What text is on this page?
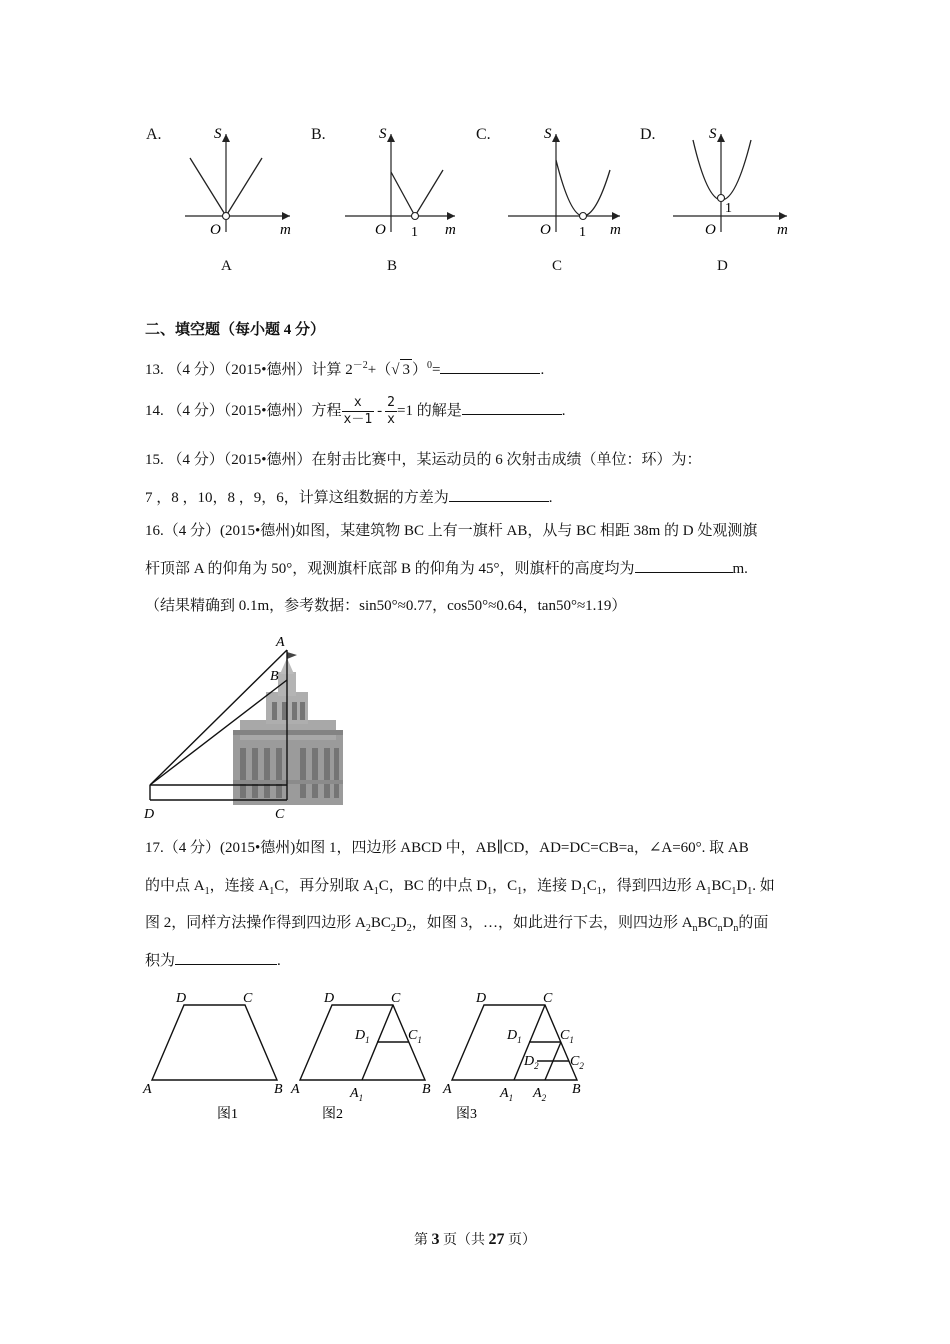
A.	S
O	m
A
B.	S
O 1 m
B
C.	S
O 1 m
C
D.	S
1
O	m
D
二、填空题（每小题 4 分）
13. （4 分）（2015•德州）计算 $2^{-2}+(√$ 3 ）$^0$=	.
14. （4 分）（2015•德州）方程 $\frac{x}{x-1} - \frac{2}{x} =1$ 的解是	.
15. （4 分）（2015•德州）在射击比赛中，某运动员的 6 次射击成绩（单位：环）为：
7 ，8 ，10，8 ，9，6，计算这组数据的方差为	.
16.（4 分）(2015•德州)如图，某建筑物 BC 上有一旗杆 AB，从与 BC 相距 38m 的 D 处观测旗
杆顶部 A 的仰角为 50°，观测旗杆底部 B 的仰角为 45°，则旗杆的高度均为	m.
（结果精确到 0.1m，参考数据：sin50°≈0.77，cos50°≈0.64，tan50°≈1.19）
A
B
C
D
17.（4 分）(2015•德州)如图 1，四边形 ABCD 中，AB∥CD，AD=DC=CB=a，∠A=60°. 取 AB
的中点 $A_1$，连接 $A_1C$，再分别取 $A_1C$，BC 的中点 $D_1$，$C_1$，连接 $D_1C_1$，得到四边形 $A_1BC_1D_1$. 如
图 2，同样方法操作得到四边形 $A_2BC_2D_2$，如图 3，…，如此进行下去，则四边形 $A_nBC_nD_n$的面
积为	.
D	C
A	B
图1
D	C
$D_1$	$C_1$
A	$A_1$
B
图2
D	C
$D_1$	$C_1$
$D_2$ $C_2$
A	$A_1$ $A_2$
B
图3
第 3 页（共 27 页）
